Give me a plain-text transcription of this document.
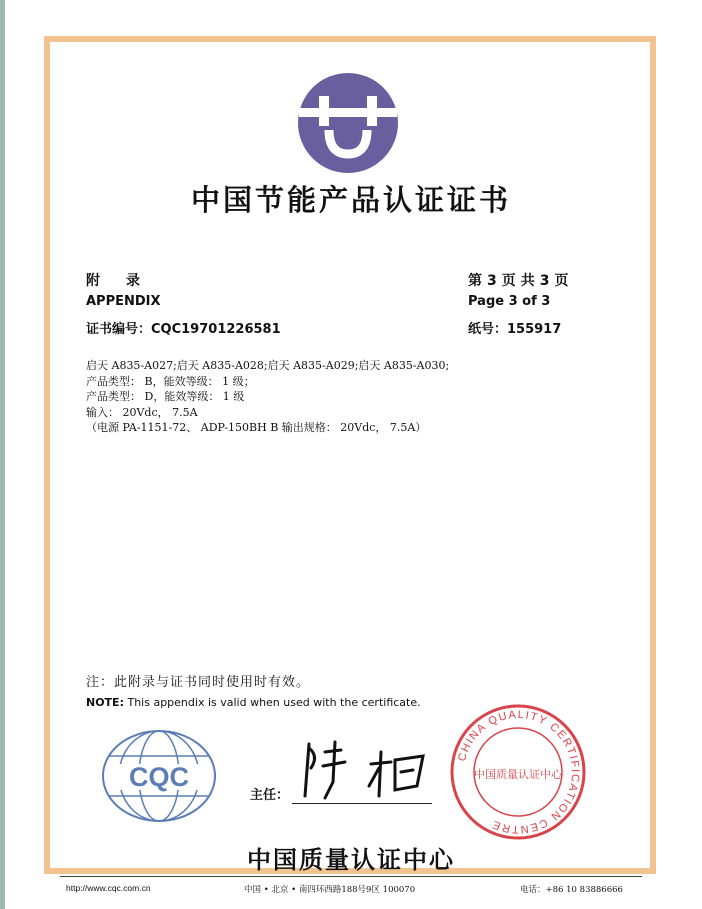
中国节能产品认证证书
附录
APPENDIX
证书编号：CQC19701226581
第3页共3页
Page 3 of 3
纸号：155917
启天 A835-A027;启天 A835-A028;启天 A835-A029;启天 A835-A030;
产品类型： B，能效等级： 1 级；
产品类型： D，能效等级： 1 级
输入： 20Vdc， 7.5A
（电源 PA-1151-72、 ADP-150BH B 输出规格： 20Vdc， 7.5A）
注：此附录与证书同时使用时有效。
NOTE: This appendix is valid when used with the certificate.
CQC
主任：
CHINA QUALITY CERTIFICATION CENTRE
中国质量认证中心
中国质量认证中心
http://www.cqc.com.cn	中国 • 北京 • 南四环西路188号9区 100070	电话：+86 10 83886666
